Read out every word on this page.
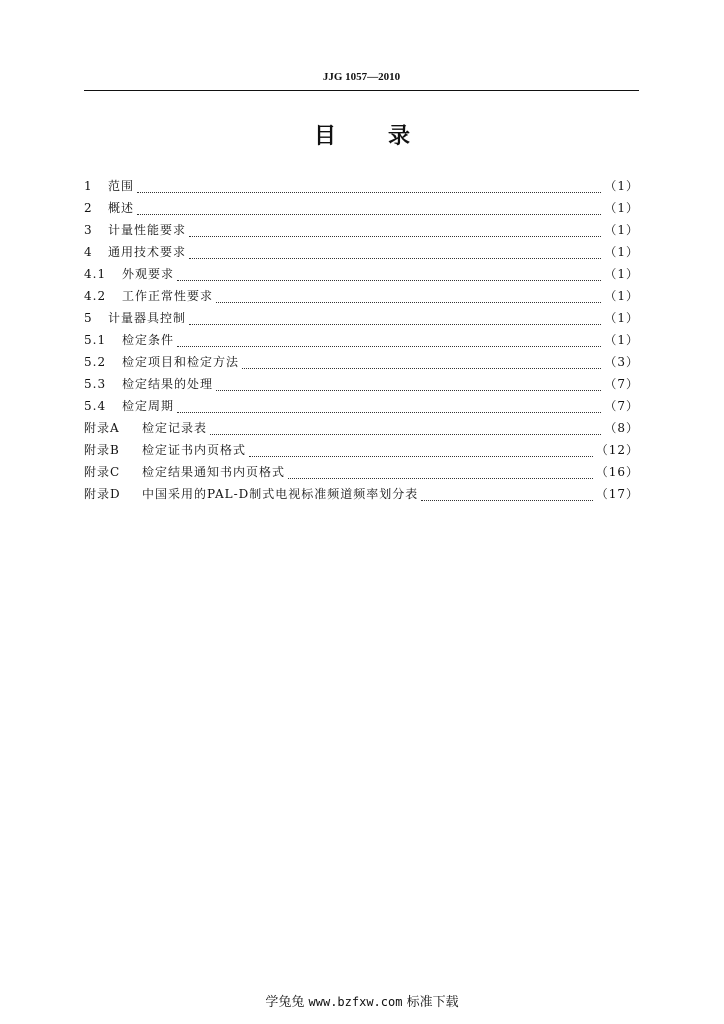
JJG 1057—2010
目录
1	范围	（1）
2	概述	（1）
3	计量性能要求	（1）
4	通用技术要求	（1）
4.1	外观要求	（1）
4.2	工作正常性要求	（1）
5	计量器具控制	（1）
5.1	检定条件	（1）
5.2	检定项目和检定方法	（3）
5.3	检定结果的处理	（7）
5.4	检定周期	（7）
附录A	检定记录表	（8）
附录B	检定证书内页格式	（12）
附录C	检定结果通知书内页格式	（16）
附录D	中国采用的PAL-D制式电视标准频道频率划分表	（17）
学兔兔 www.bzfxw.com 标准下载
